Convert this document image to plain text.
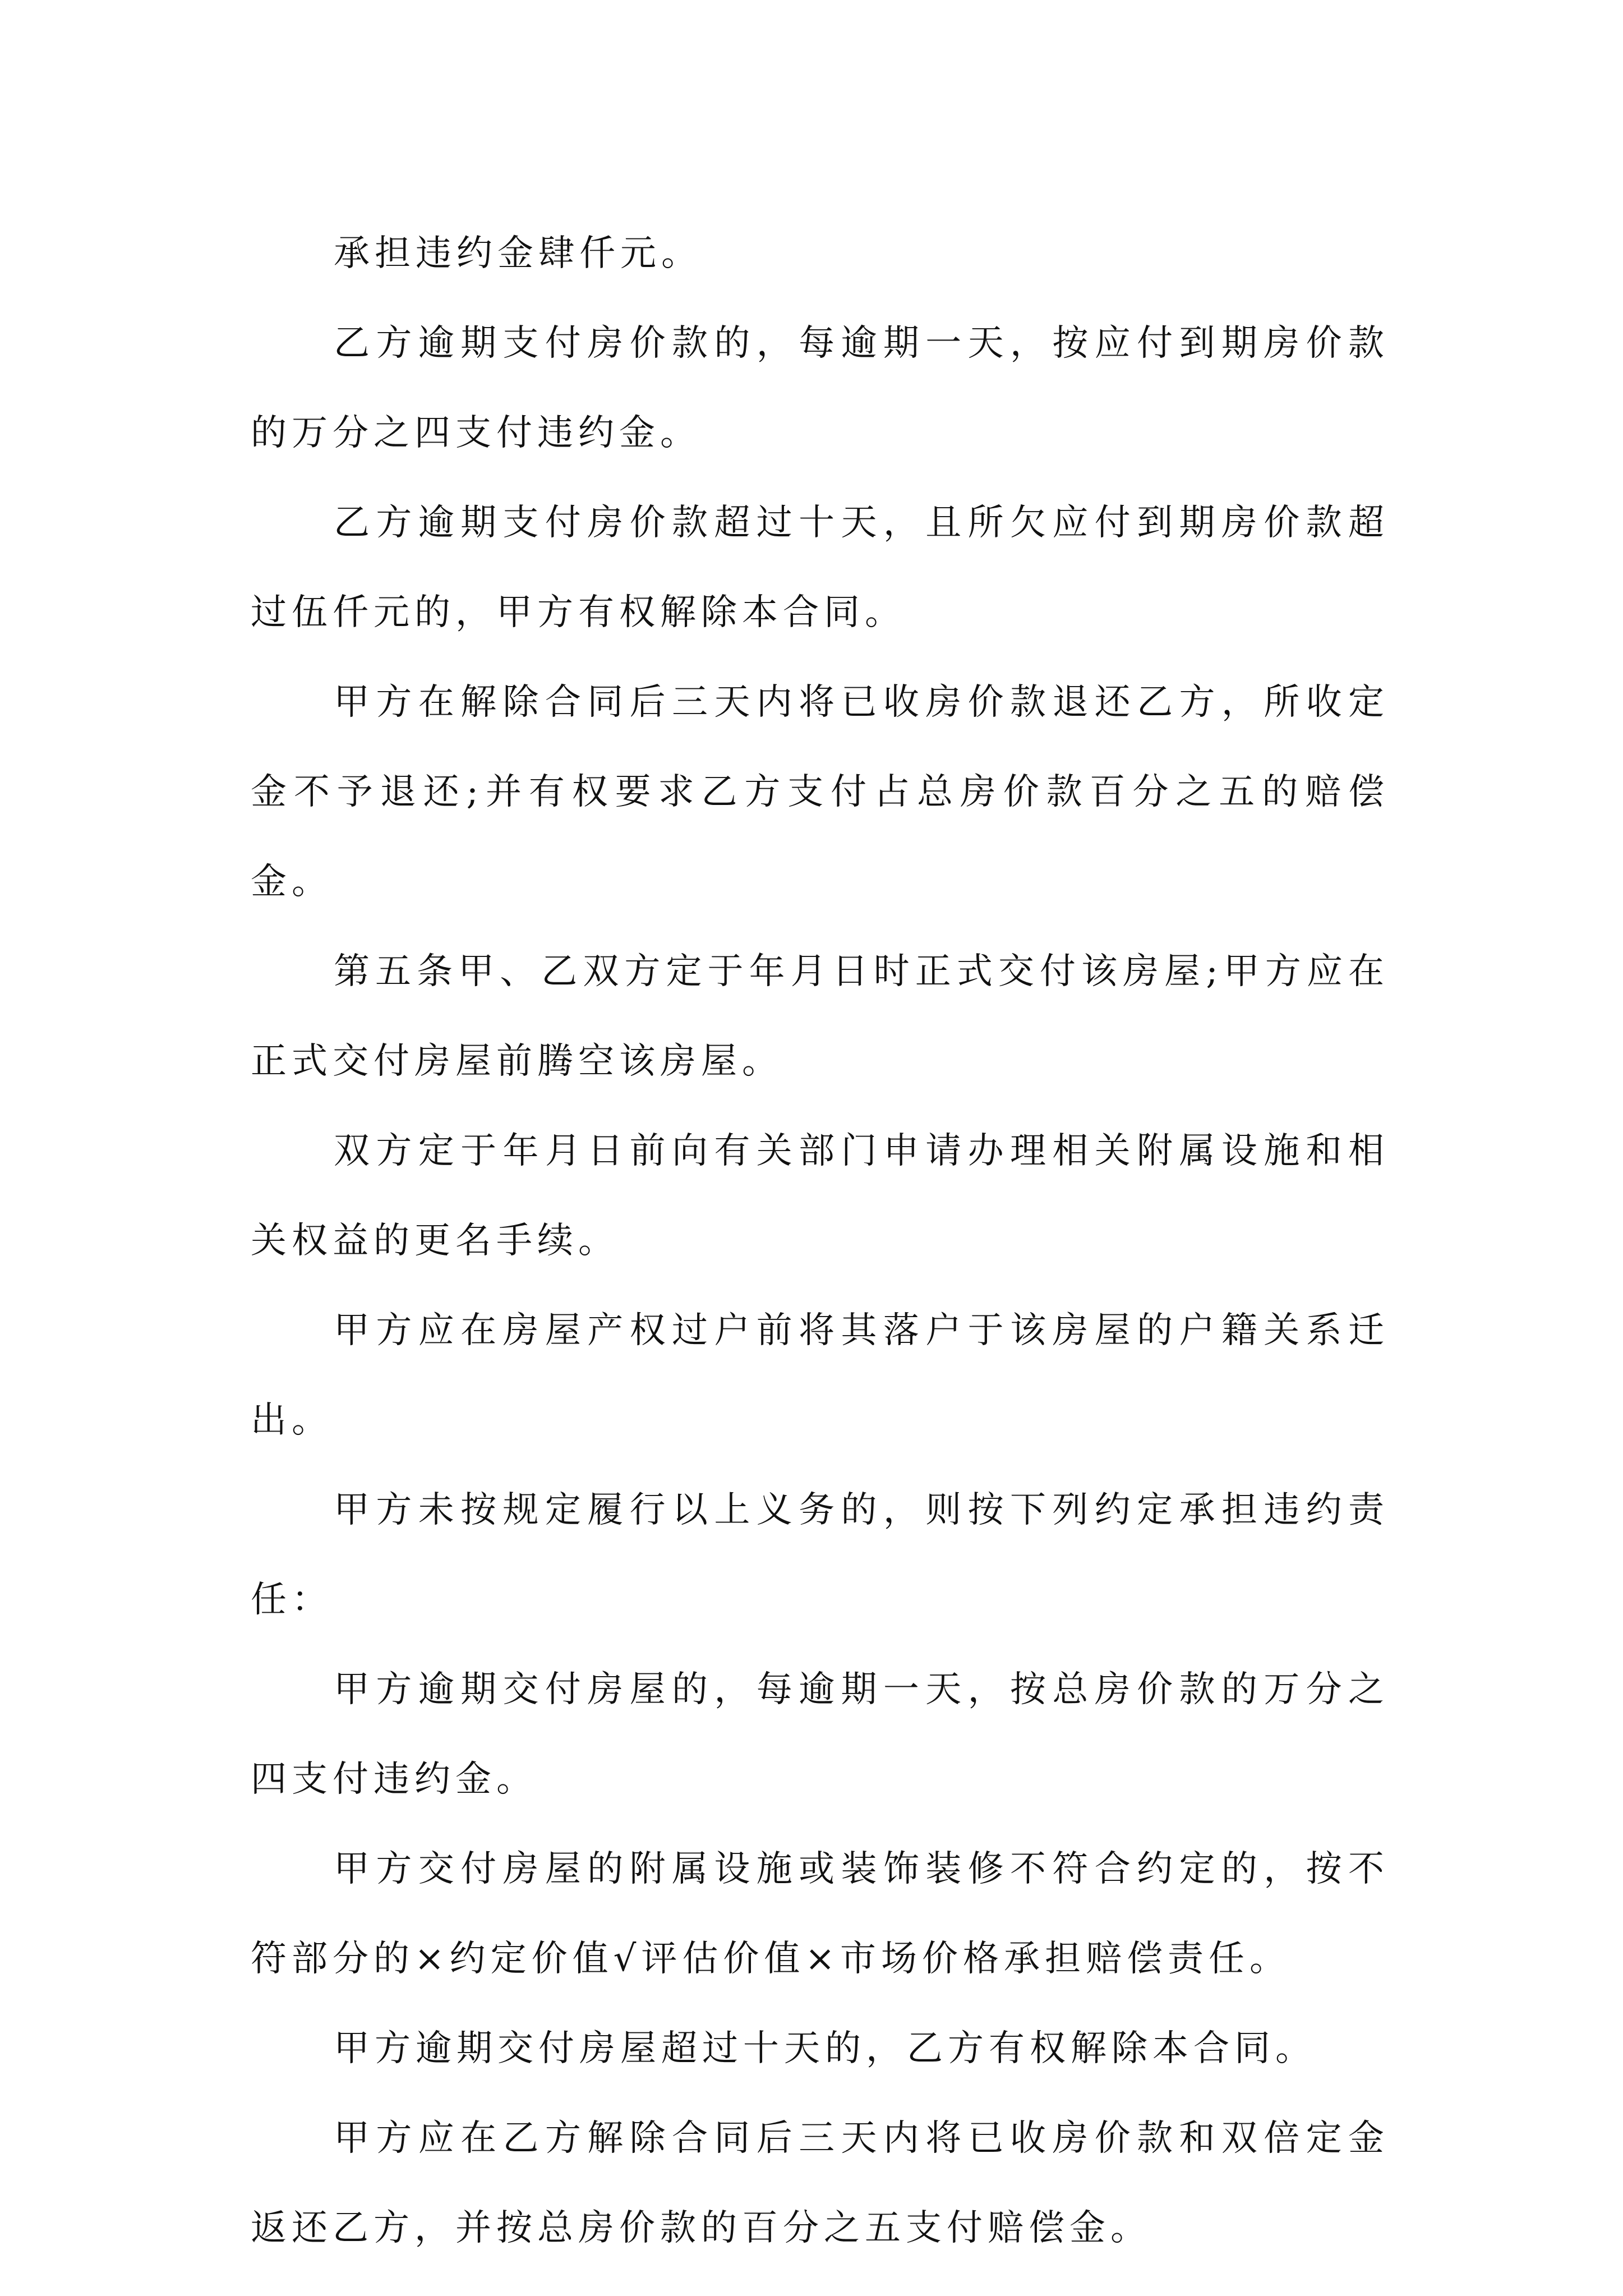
承担违约金肆仟元。

乙方逾期支付房价款的，每逾期一天，按应付到期房价款的万分之四支付违约金。

乙方逾期支付房价款超过十天，且所欠应付到期房价款超过伍仟元的，甲方有权解除本合同。

甲方在解除合同后三天内将已收房价款退还乙方，所收定金不予退还;并有权要求乙方支付占总房价款百分之五的赔偿金。

第五条甲、乙双方定于年月日时正式交付该房屋;甲方应在正式交付房屋前腾空该房屋。

双方定于年月日前向有关部门申请办理相关附属设施和相关权益的更名手续。

甲方应在房屋产权过户前将其落户于该房屋的户籍关系迁出。

甲方未按规定履行以上义务的，则按下列约定承担违约责任：

甲方逾期交付房屋的，每逾期一天，按总房价款的万分之四支付违约金。

甲方交付房屋的附属设施或装饰装修不符合约定的，按不符部分的×约定价值√评估价值×市场价格承担赔偿责任。

甲方逾期交付房屋超过十天的，乙方有权解除本合同。

甲方应在乙方解除合同后三天内将已收房价款和双倍定金返还乙方，并按总房价款的百分之五支付赔偿金。
